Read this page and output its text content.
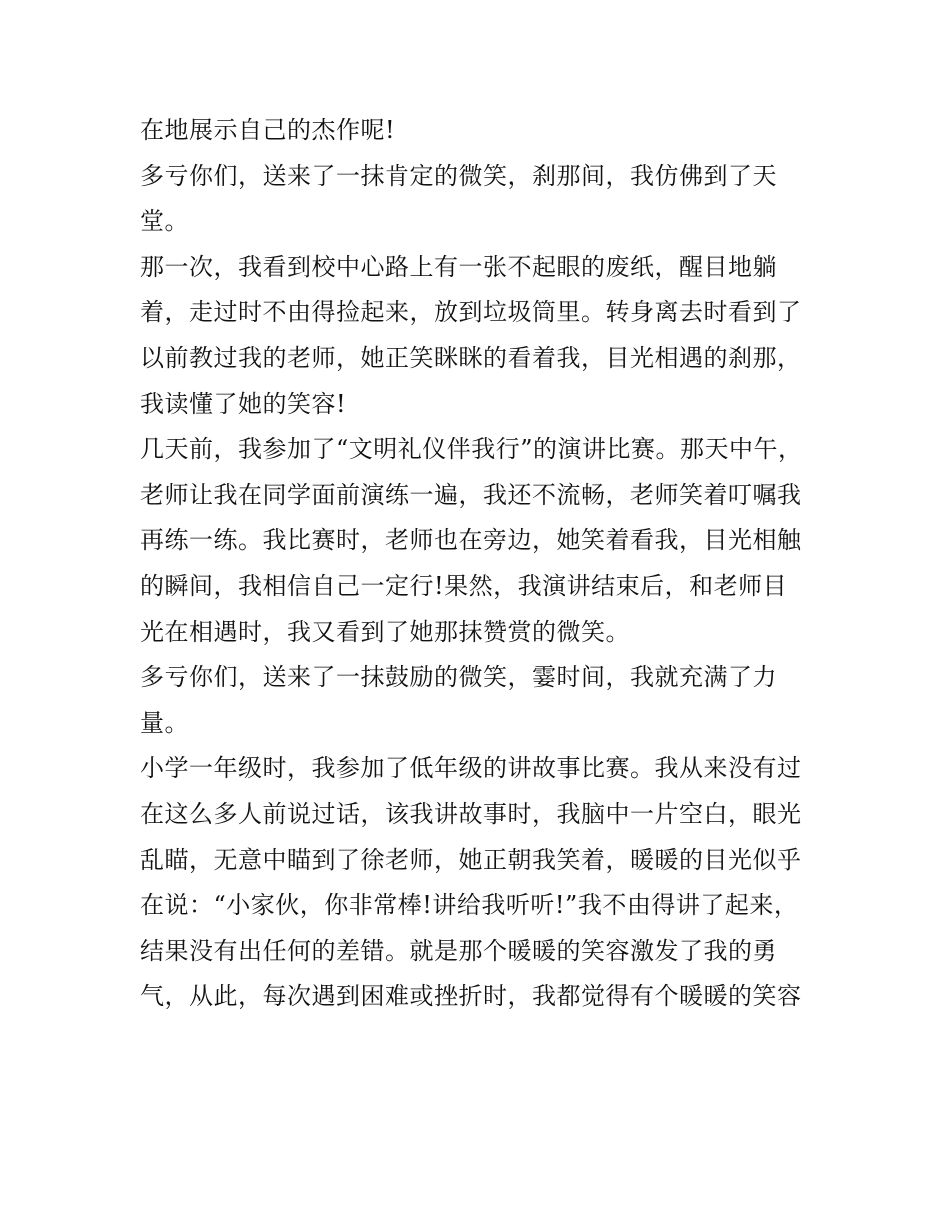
在地展示自己的杰作呢!
多亏你们，送来了一抹肯定的微笑，刹那间，我仿佛到了天
堂。
那一次，我看到校中心路上有一张不起眼的废纸，醒目地躺
着，走过时不由得捡起来，放到垃圾筒里。转身离去时看到了
以前教过我的老师，她正笑眯眯的看着我，目光相遇的刹那，
我读懂了她的笑容!
几天前，我参加了“文明礼仪伴我行”的演讲比赛。那天中午，
老师让我在同学面前演练一遍，我还不流畅，老师笑着叮嘱我
再练一练。我比赛时，老师也在旁边，她笑着看我，目光相触
的瞬间，我相信自己一定行!果然，我演讲结束后，和老师目
光在相遇时，我又看到了她那抹赞赏的微笑。
多亏你们，送来了一抹鼓励的微笑，霎时间，我就充满了力
量。
小学一年级时，我参加了低年级的讲故事比赛。我从来没有过
在这么多人前说过话，该我讲故事时，我脑中一片空白，眼光
乱瞄，无意中瞄到了徐老师，她正朝我笑着，暖暖的目光似乎
在说：“小家伙，你非常棒!讲给我听听!”我不由得讲了起来，
结果没有出任何的差错。就是那个暖暖的笑容激发了我的勇
气，从此，每次遇到困难或挫折时，我都觉得有个暖暖的笑容
